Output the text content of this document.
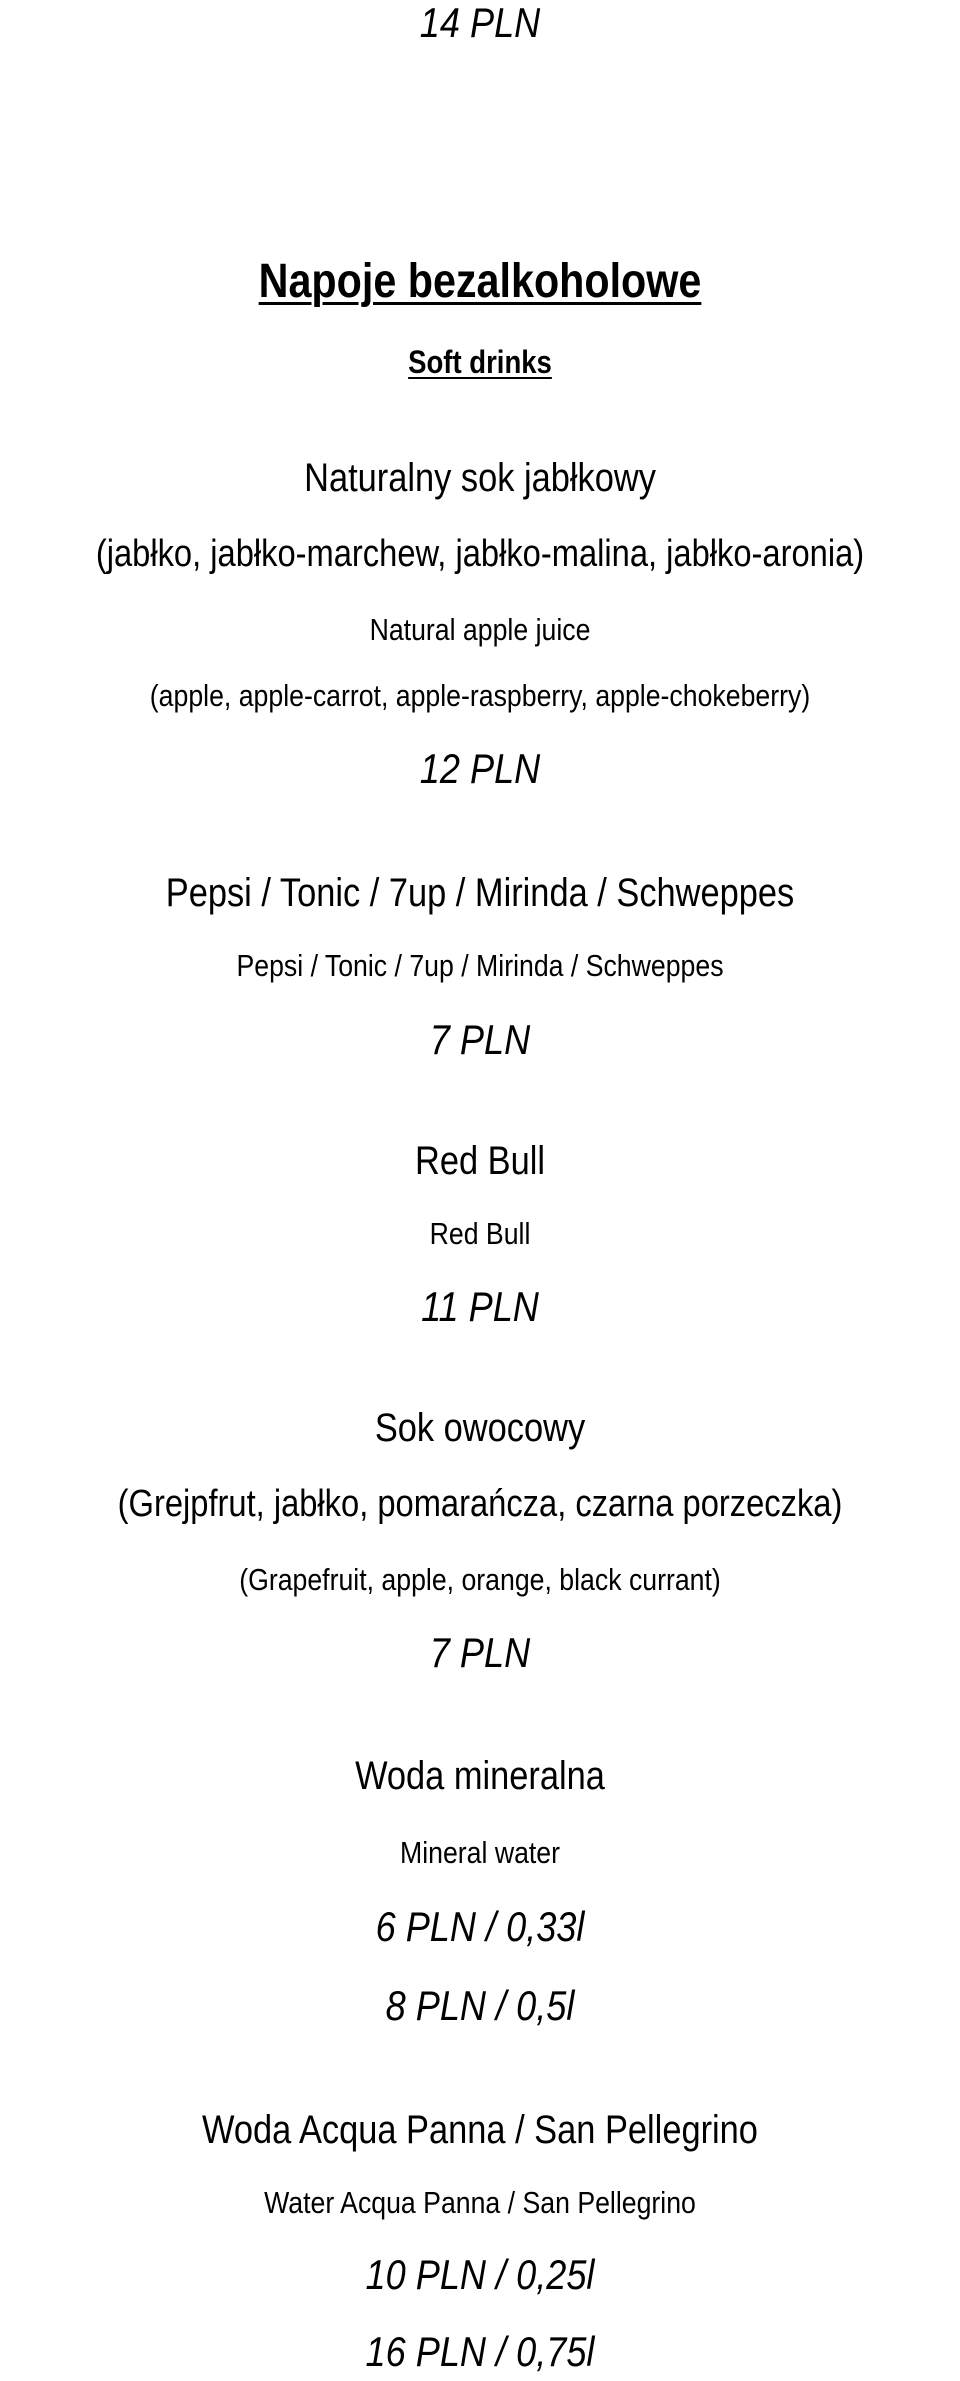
14 PLN
Napoje bezalkoholowe
Soft drinks
Naturalny sok jabłkowy
(jabłko, jabłko-marchew, jabłko-malina, jabłko-aronia)
Natural apple juice
(apple, apple-carrot, apple-raspberry, apple-chokeberry)
12 PLN
Pepsi / Tonic / 7up / Mirinda / Schweppes
Pepsi / Tonic / 7up / Mirinda / Schweppes
7 PLN
Red Bull
Red Bull
11 PLN
Sok owocowy
(Grejpfrut, jabłko, pomarańcza, czarna porzeczka)
(Grapefruit, apple, orange, black currant)
7 PLN
Woda mineralna
Mineral water
6 PLN / 0,33l
8 PLN / 0,5l
Woda Acqua Panna / San Pellegrino
Water Acqua Panna / San Pellegrino
10 PLN / 0,25l
16 PLN / 0,75l
